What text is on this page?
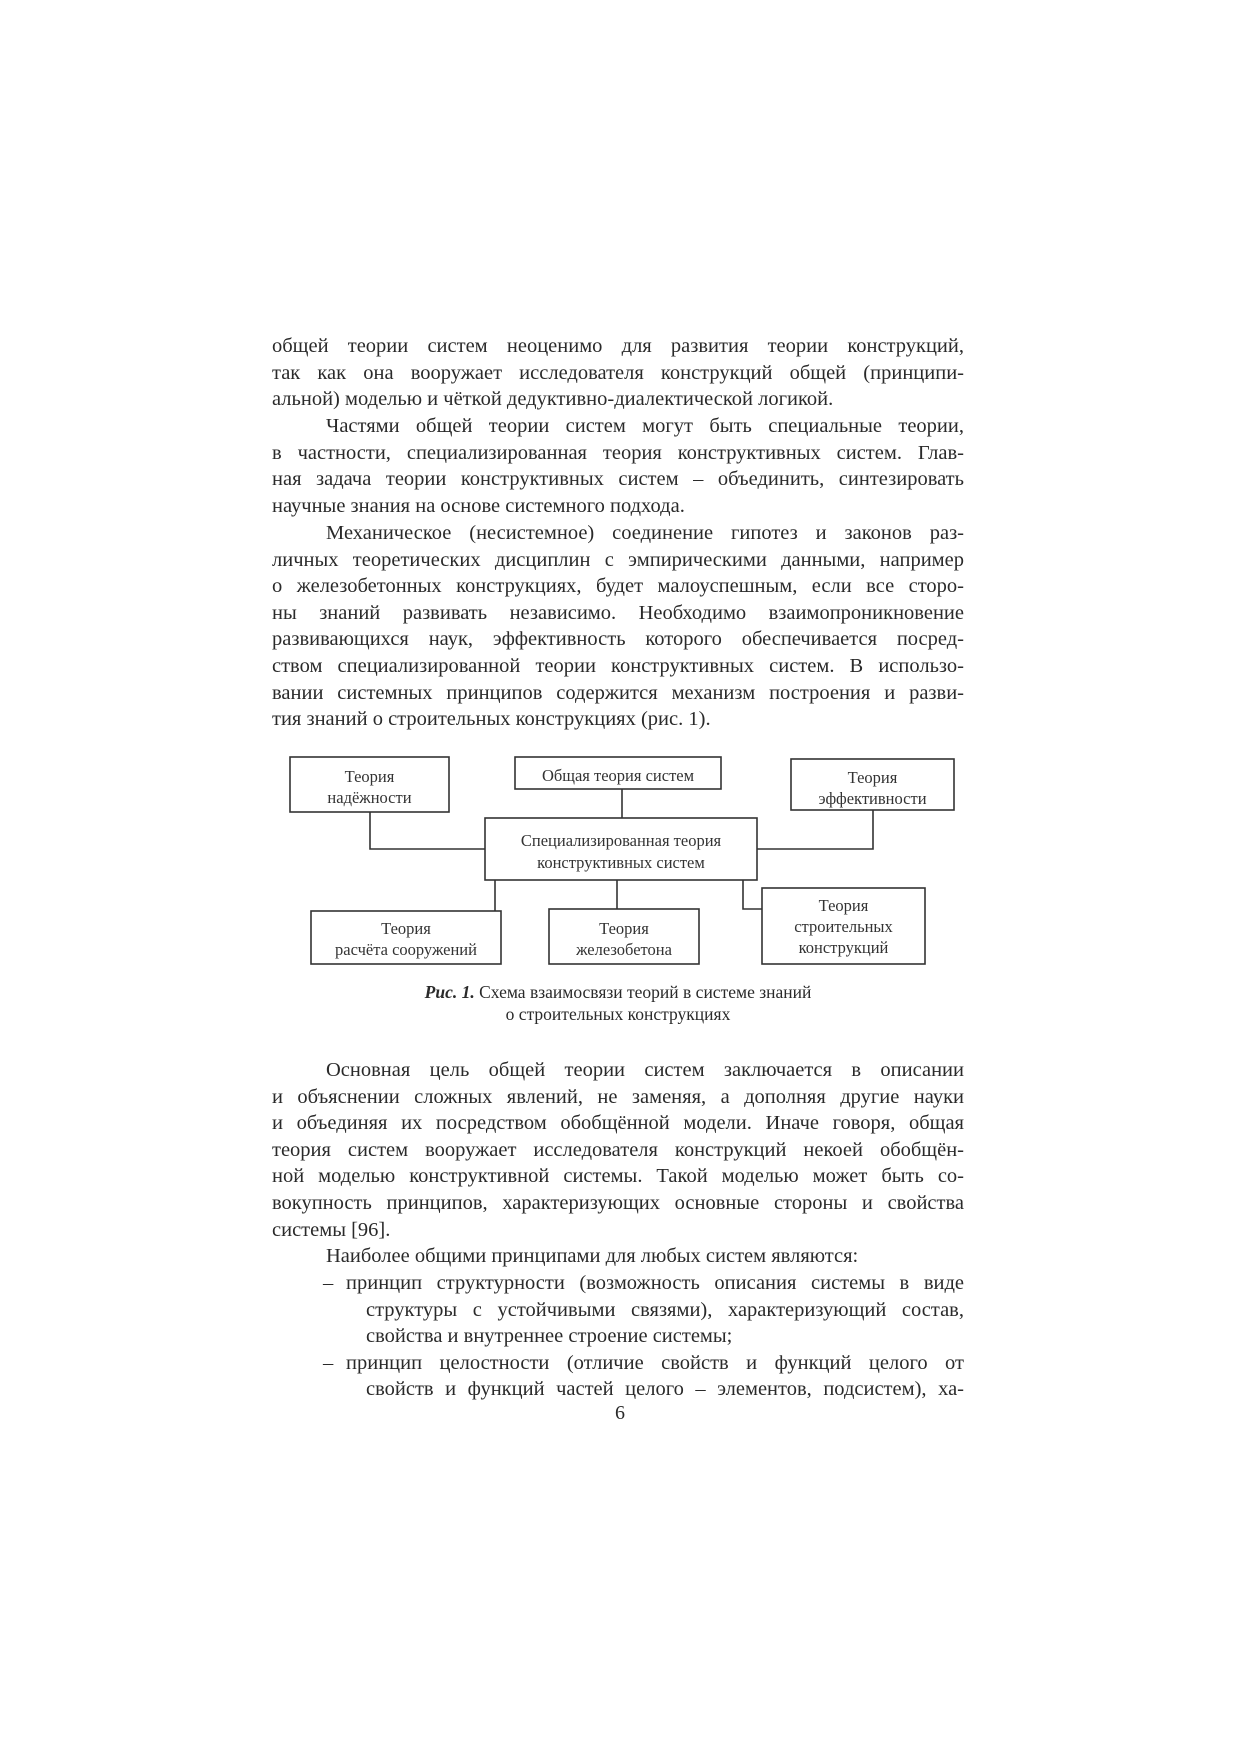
общей теории систем неоценимо для развития теории конструкций,

так как она вооружает исследователя конструкций общей (принципи-

альной) моделью и чёткой дедуктивно-диалектической логикой.

Частями общей теории систем могут быть специальные теории,

в частности, специализированная теория конструктивных систем. Глав-

ная задача теории конструктивных систем – объединить, синтезировать

научные знания на основе системного подхода.

Механическое (несистемное) соединение гипотез и законов раз-

личных теоретических дисциплин с эмпирическими данными, например

о железобетонных конструкциях, будет малоуспешным, если все сторо-

ны знаний развивать независимо. Необходимо взаимопроникновение

развивающихся наук, эффективность которого обеспечивается посред-

ством специализированной теории конструктивных систем. В использо-

вании системных принципов содержится механизм построения и разви-

тия знаний о строительных конструкциях (рис. 1).

Теория
надёжности
Общая теория систем	Теория
эффективности
Специализированная теория
конструктивных систем
Теория
расчёта сооружений
Теория
железобетона
Теория
строительных
конструкций
Рис. 1. Схема взаимосвязи теорий в системе знаний
о строительных конструкциях

Основная цель общей теории систем заключается в описании

и объяснении сложных явлений, не заменяя, а дополняя другие науки

и объединяя их посредством обобщённой модели. Иначе говоря, общая

теория систем вооружает исследователя конструкций некоей обобщён-

ной моделью конструктивной системы. Такой моделью может быть со-

вокупность принципов, характеризующих основные стороны и свойства

системы [96].

Наиболее общими принципами для любых систем являются:

– принцип структурности (возможность описания системы в виде

структуры с устойчивыми связями), характеризующий состав,

свойства и внутреннее строение системы;

– принцип целостности (отличие свойств и функций целого от

свойств и функций частей целого – элементов, подсистем), ха-

6
